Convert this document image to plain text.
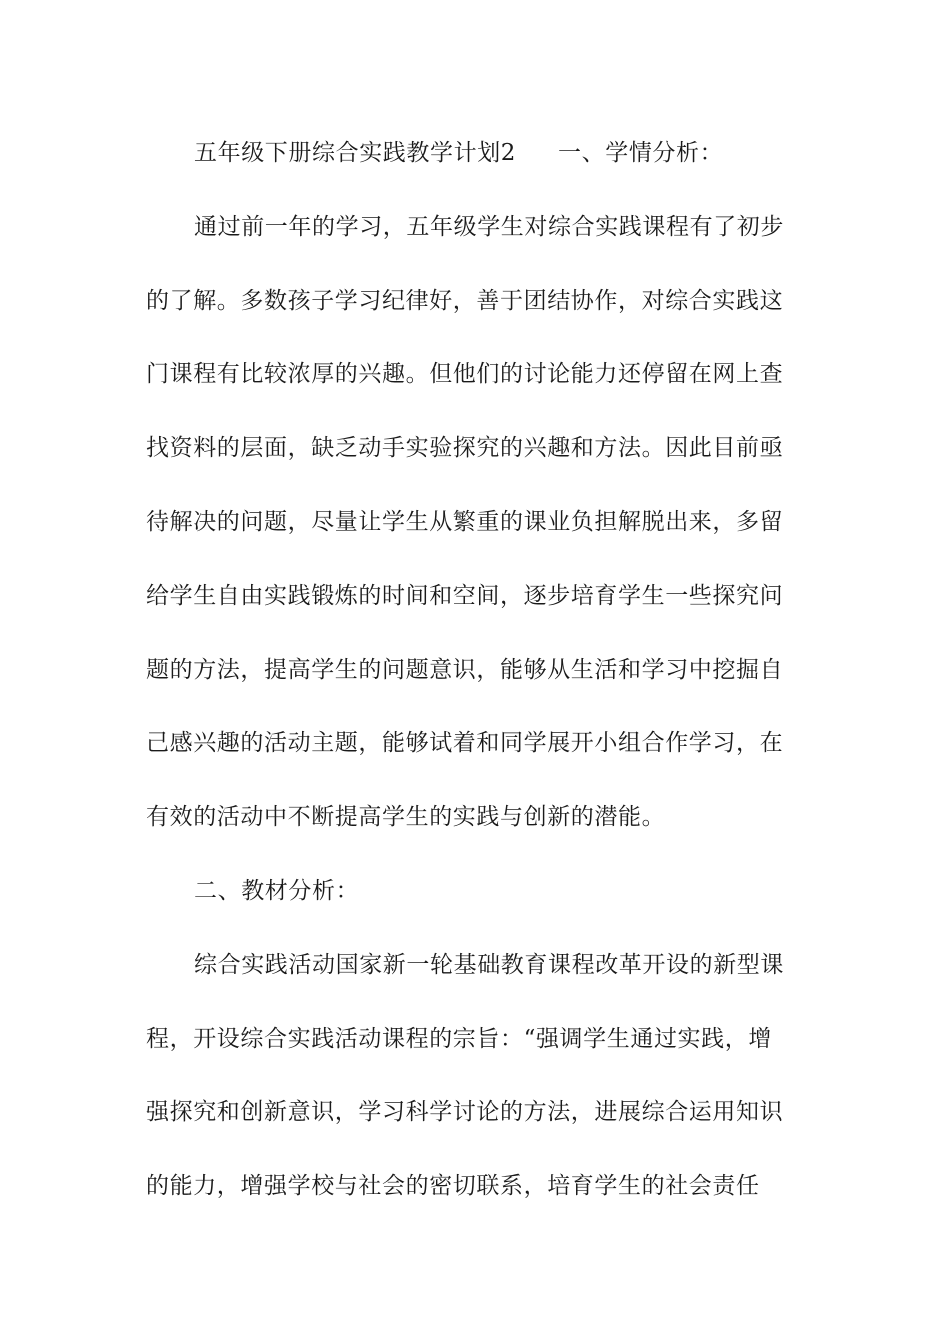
五年级下册综合实践教学计划2 一、学情分析：
通过前一年的学习，五年级学生对综合实践课程有了初步
的了解。多数孩子学习纪律好，善于团结协作，对综合实践这
门课程有比较浓厚的兴趣。但他们的讨论能力还停留在网上查
找资料的层面，缺乏动手实验探究的兴趣和方法。因此目前亟
待解决的问题，尽量让学生从繁重的课业负担解脱出来，多留
给学生自由实践锻炼的时间和空间，逐步培育学生一些探究问
题的方法，提高学生的问题意识，能够从生活和学习中挖掘自
己感兴趣的活动主题，能够试着和同学展开小组合作学习，在
有效的活动中不断提高学生的实践与创新的潜能。
二、教材分析：
综合实践活动国家新一轮基础教育课程改革开设的新型课
程，开设综合实践活动课程的宗旨：“强调学生通过实践，增
强探究和创新意识，学习科学讨论的方法，进展综合运用知识
的能力，增强学校与社会的密切联系，培育学生的社会责任
